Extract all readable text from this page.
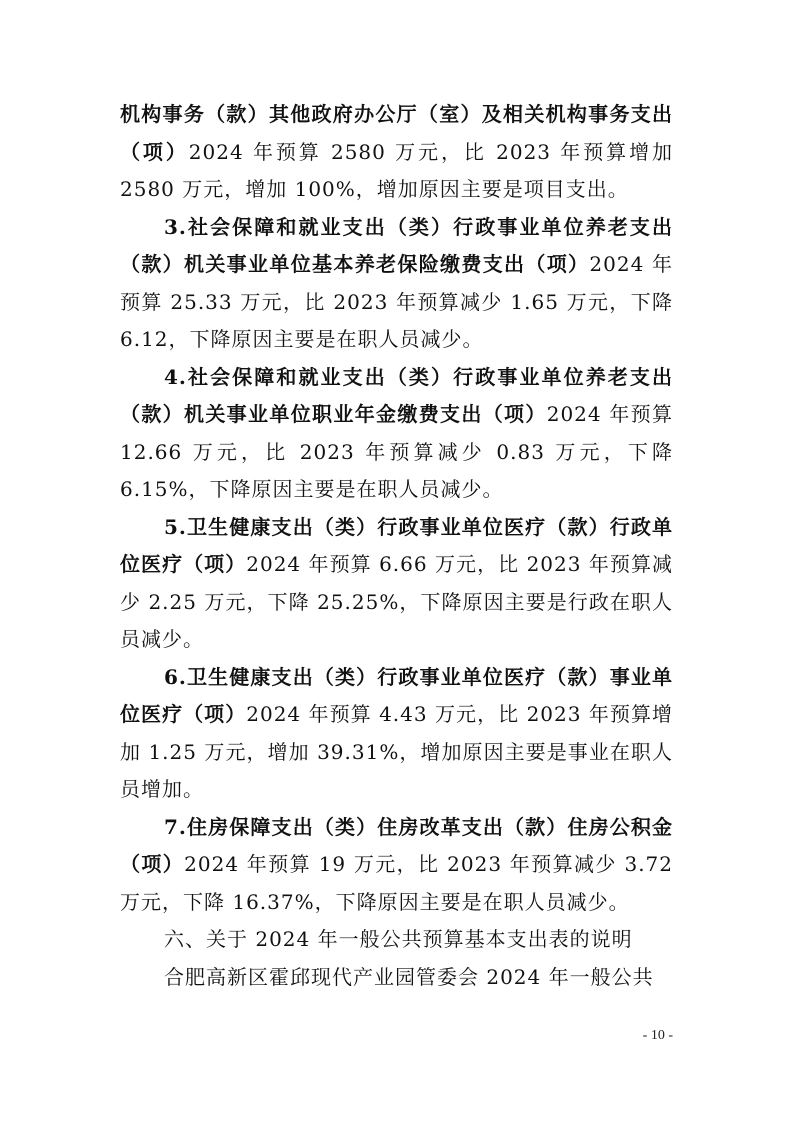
机构事务（款）其他政府办公厅（室）及相关机构事务支出（项）2024 年预算 2580 万元，比 2023 年预算增加 2580 万元，增加 100%，增加原因主要是项目支出。

3.社会保障和就业支出（类）行政事业单位养老支出（款）机关事业单位基本养老保险缴费支出（项）2024 年预算 25.33 万元，比 2023 年预算减少 1.65 万元，下降 6.12，下降原因主要是在职人员减少。

4.社会保障和就业支出（类）行政事业单位养老支出（款）机关事业单位职业年金缴费支出（项）2024 年预算 12.66 万元，比 2023 年预算减少 0.83 万元，下降 6.15%，下降原因主要是在职人员减少。

5.卫生健康支出（类）行政事业单位医疗（款）行政单位医疗（项）2024 年预算 6.66 万元，比 2023 年预算减少 2.25 万元，下降 25.25%，下降原因主要是行政在职人员减少。

6.卫生健康支出（类）行政事业单位医疗（款）事业单位医疗（项）2024 年预算 4.43 万元，比 2023 年预算增加 1.25 万元，增加 39.31%，增加原因主要是事业在职人员增加。

7.住房保障支出（类）住房改革支出（款）住房公积金（项）2024 年预算 19 万元，比 2023 年预算减少 3.72 万元，下降 16.37%，下降原因主要是在职人员减少。

六、关于 2024 年一般公共预算基本支出表的说明

合肥高新区霍邱现代产业园管委会 2024 年一般公共

- 10 -
